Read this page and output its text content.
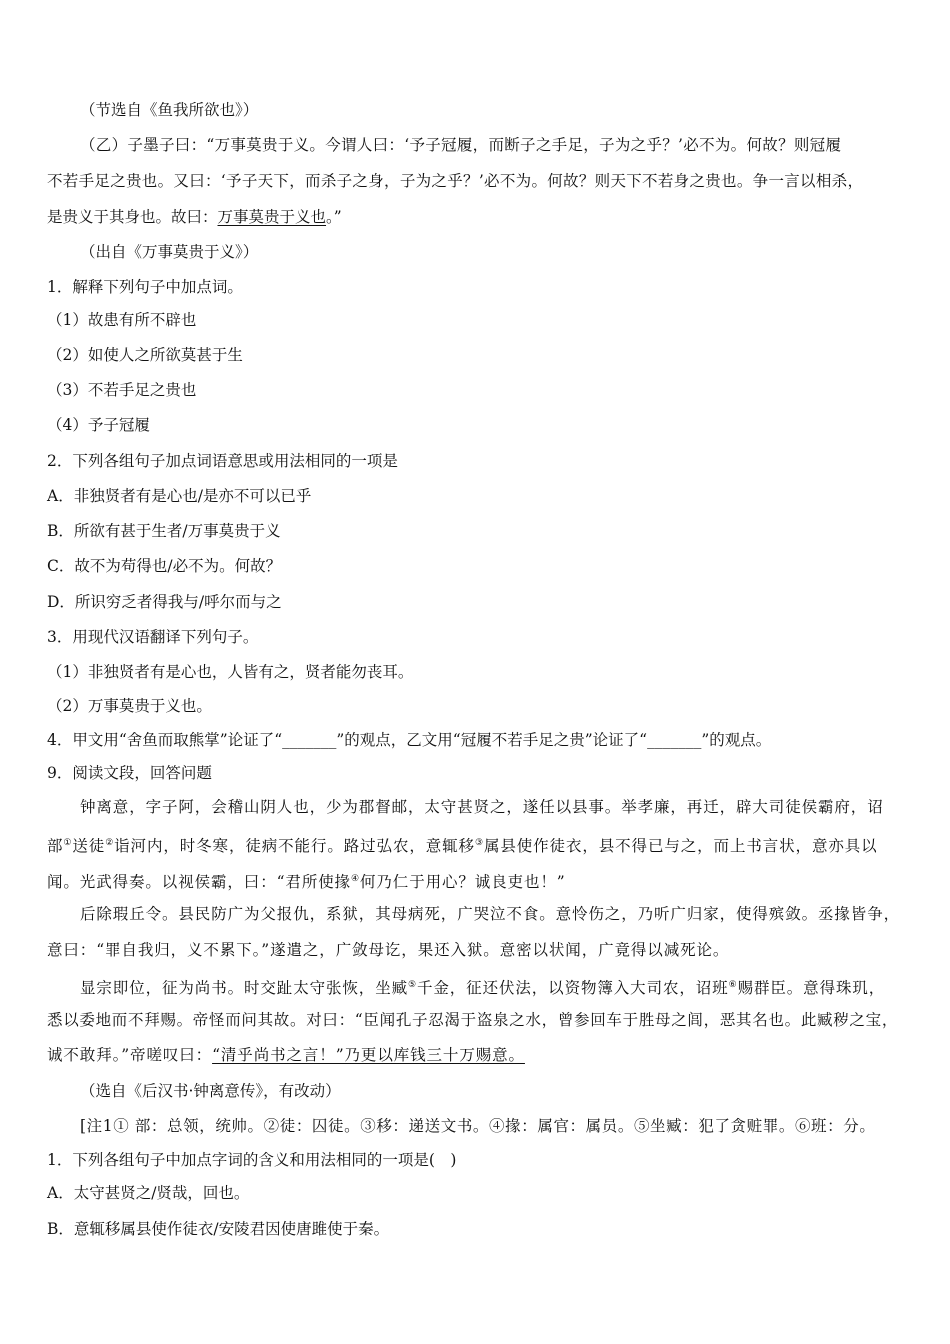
（节选自《鱼我所欲也》）
（乙）子墨子曰：“万事莫贵于义。今谓人曰：‘予子冠履，而断子之手足，子为之乎？’必不为。何故？则冠履
不若手足之贵也。又曰：‘予子天下，而杀子之身，子为之乎？’必不为。何故？则天下不若身之贵也。争一言以相杀，
是贵义于其身也。故曰：万事莫贵于义也。”
（出自《万事莫贵于义》）
1．解释下列句子中加点词。
（1）故患有所不辟也
（2）如使人之所欲莫甚于生
（3）不若手足之贵也
（4）予子冠履
2．下列各组句子加点词语意思或用法相同的一项是
A．非独贤者有是心也/是亦不可以已乎
B．所欲有甚于生者/万事莫贵于义
C．故不为苟得也/必不为。何故？
D．所识穷乏者得我与/呼尔而与之
3．用现代汉语翻译下列句子。
（1）非独贤者有是心也，人皆有之，贤者能勿丧耳。
（2）万事莫贵于义也。
4．甲文用“舍鱼而取熊掌”论证了“_______”的观点，乙文用“冠履不若手足之贵”论证了“_______”的观点。
9．阅读文段，回答问题
钟离意，字子阿，会稽山阴人也，少为郡督邮，太守甚贤之，遂任以县事。举孝廉，再迁，辟大司徒侯霸府，诏
部①送徒②诣河内，时冬寒，徒病不能行。路过弘农，意辄移③属县使作徒衣，县不得已与之，而上书言状，意亦具以
闻。光武得奏。以视侯霸，曰：“君所使掾④何乃仁于用心？诚良吏也！”
后除瑕丘令。县民防广为父报仇，系狱，其母病死，广哭泣不食。意怜伤之，乃听广归家，使得殡敛。丞掾皆争，
意曰：“罪自我归，义不累下。”遂遣之，广敛母讫，果还入狱。意密以状闻，广竟得以减死论。
显宗即位，征为尚书。时交趾太守张恢，坐臧⑤千金，征还伏法，以资物簿入大司农，诏班⑥赐群臣。意得珠玑，
悉以委地而不拜赐。帝怪而问其故。对曰：“臣闻孔子忍渴于盗泉之水，曾参回车于胜母之闾，恶其名也。此臧秽之宝，
诚不敢拜。”帝嗟叹曰：“清乎尚书之言！”乃更以库钱三十万赐意。
（选自《后汉书·钟离意传》，有改动）
[注1① 部：总领，统帅。②徒：囚徒。③移：递送文书。④掾：属官：属员。⑤坐臧：犯了贪赃罪。⑥班：分。
1．下列各组句子中加点字词的含义和用法相同的一项是(　)
A．太守甚贤之/贤哉，回也。
B．意辄移属县使作徒衣/安陵君因使唐雎使于秦。
